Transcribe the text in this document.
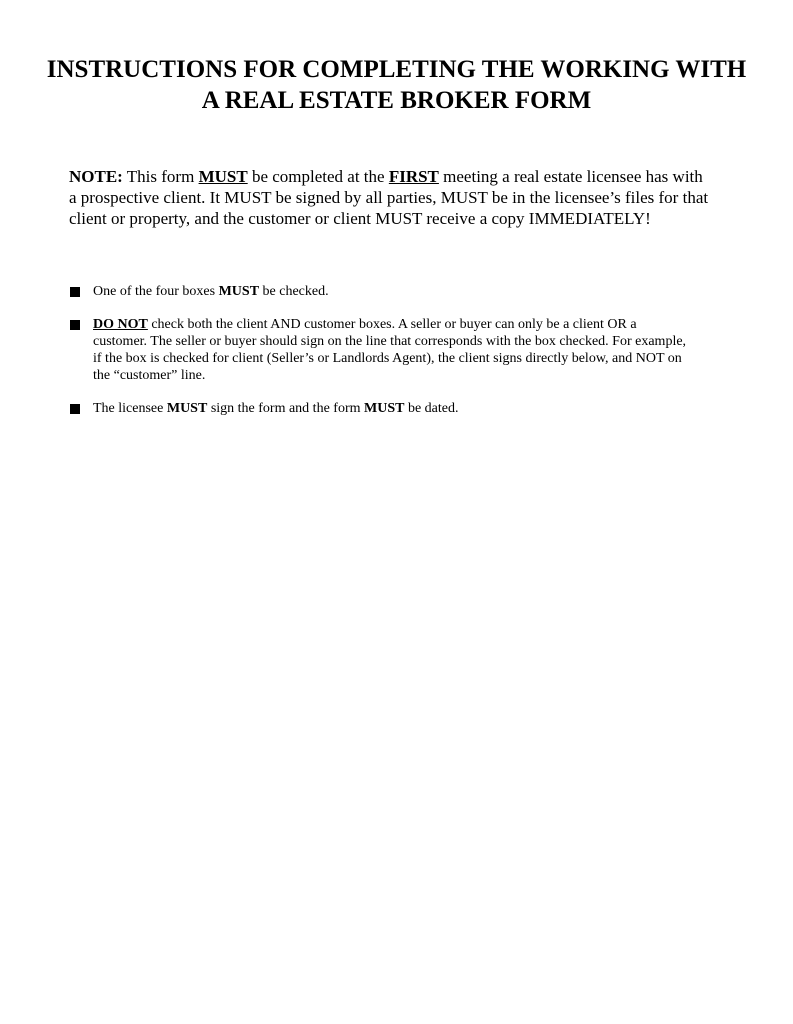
INSTRUCTIONS FOR COMPLETING THE WORKING WITH
A REAL ESTATE BROKER FORM

NOTE: This form MUST be completed at the FIRST meeting a real estate licensee has with
a prospective client. It MUST be signed by all parties, MUST be in the licensee’s files for that
client or property, and the customer or client MUST receive a copy IMMEDIATELY!

One of the four boxes MUST be checked.
DO NOT check both the client AND customer boxes. A seller or buyer can only be a client OR a
customer. The seller or buyer should sign on the line that corresponds with the box checked. For example,
if the box is checked for client (Seller’s or Landlords Agent), the client signs directly below, and NOT on
the “customer” line.
The licensee MUST sign the form and the form MUST be dated.
